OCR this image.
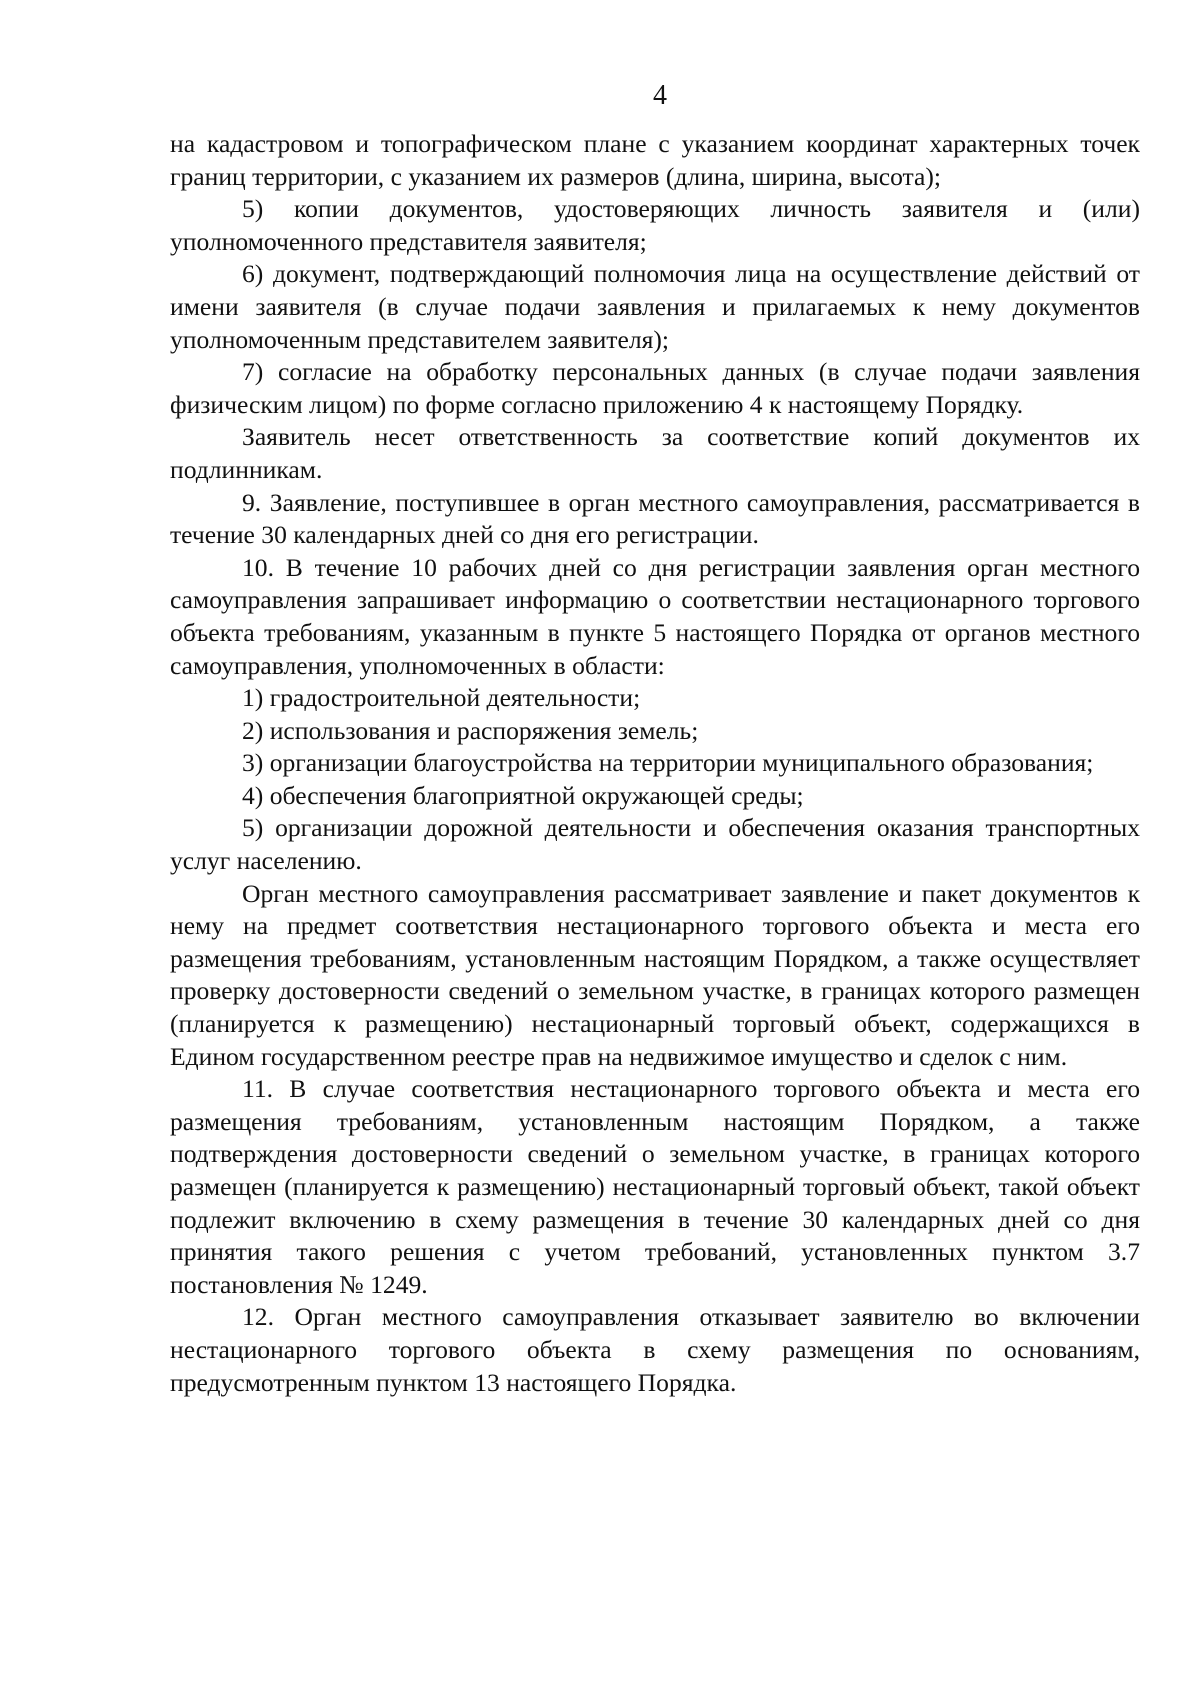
4

на кадастровом и топографическом плане с указанием координат характерных точек границ территории, с указанием их размеров (длина, ширина, высота);

5) копии документов, удостоверяющих личность заявителя и (или) уполномоченного представителя заявителя;

6) документ, подтверждающий полномочия лица на осуществление действий от имени заявителя (в случае подачи заявления и прилагаемых к нему документов уполномоченным представителем заявителя);

7) согласие на обработку персональных данных (в случае подачи заявления физическим лицом) по форме согласно приложению 4 к настоящему Порядку.

Заявитель несет ответственность за соответствие копий документов их подлинникам.

9. Заявление, поступившее в орган местного самоуправления, рассматривается в течение 30 календарных дней со дня его регистрации.

10. В течение 10 рабочих дней со дня регистрации заявления орган местного самоуправления запрашивает информацию о соответствии нестационарного торгового объекта требованиям, указанным в пункте 5 настоящего Порядка от органов местного самоуправления, уполномоченных в области:

1) градостроительной деятельности;

2) использования и распоряжения земель;

3) организации благоустройства на территории муниципального образования;

4) обеспечения благоприятной окружающей среды;

5) организации дорожной деятельности и обеспечения оказания транспортных услуг населению.

Орган местного самоуправления рассматривает заявление и пакет документов к нему на предмет соответствия нестационарного торгового объекта и места его размещения требованиям, установленным настоящим Порядком, а также осуществляет проверку достоверности сведений о земельном участке, в границах которого размещен (планируется к размещению) нестационарный торговый объект, содержащихся в Едином государственном реестре прав на недвижимое имущество и сделок с ним.

11. В случае соответствия нестационарного торгового объекта и места его размещения требованиям, установленным настоящим Порядком, а также подтверждения достоверности сведений о земельном участке, в границах которого размещен (планируется к размещению) нестационарный торговый объект, такой объект подлежит включению в схему размещения в течение 30 календарных дней со дня принятия такого решения с учетом требований, установленных пунктом 3.7 постановления № 1249.

12. Орган местного самоуправления отказывает заявителю во включении нестационарного торгового объекта в схему размещения по основаниям, предусмотренным пунктом 13 настоящего Порядка.
